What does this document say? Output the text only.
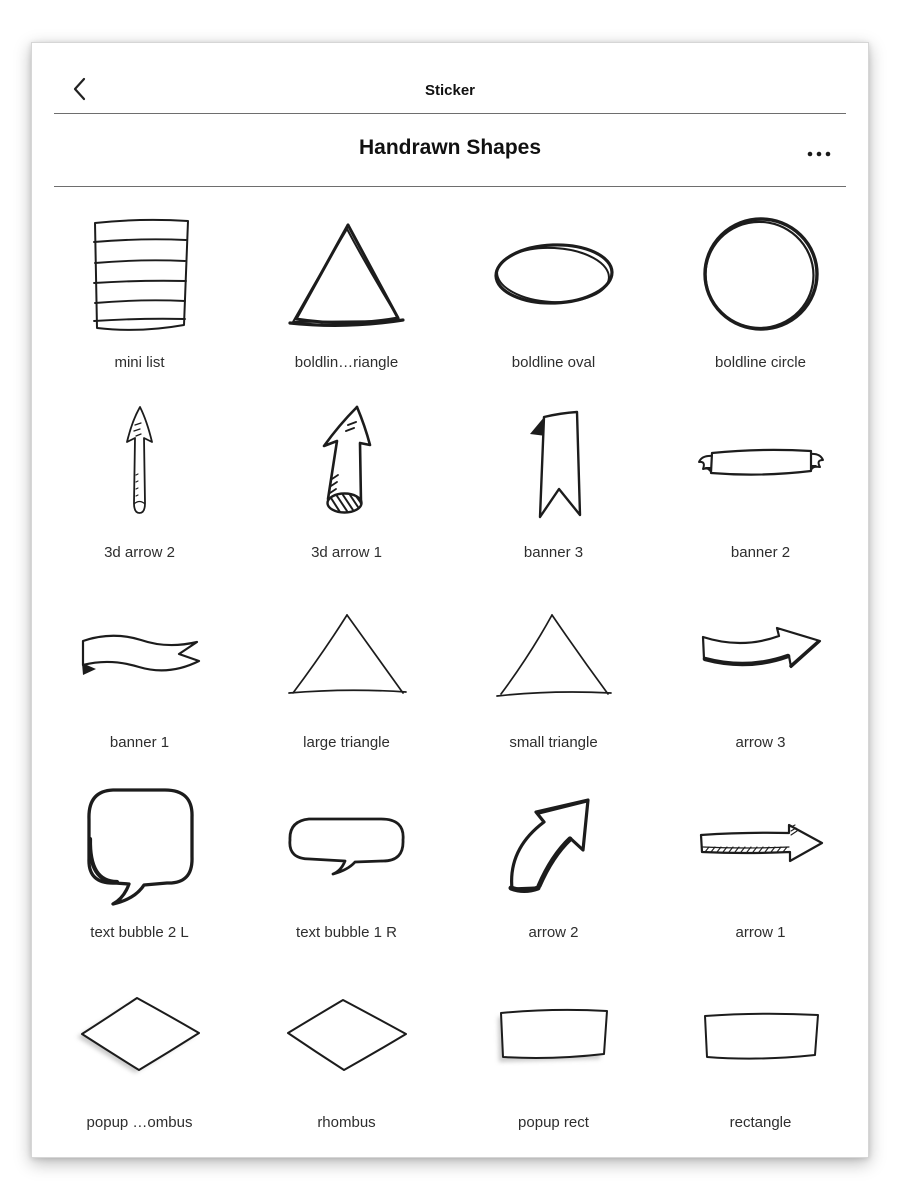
Sticker
Handrawn Shapes
mini list	boldlin…riangle	boldline oval	boldline circle
3d arrow 2	3d arrow 1	banner 3	banner 2
banner 1	large triangle	small triangle	arrow 3
text bubble 2 L	text bubble 1 R	arrow 2	arrow 1
popup …ombus	rhombus	popup rect	rectangle
